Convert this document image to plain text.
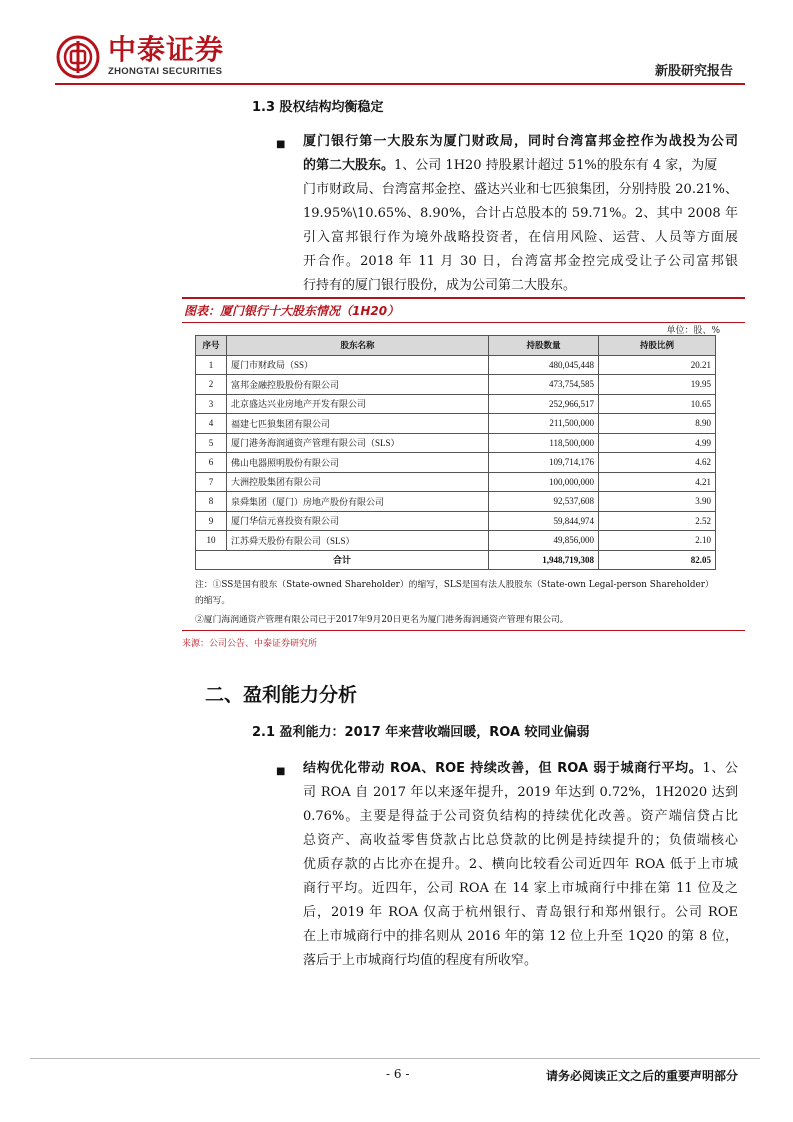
中泰证券
ZHONGTAI SECURITIES	新股研究报告
1.3 股权结构均衡稳定
■ 厦门银行第一大股东为厦门财政局，同时台湾富邦金控作为战投为公司
的第二大股东。1、公司 1H20 持股累计超过 51%的股东有 4 家，为厦
门市财政局、台湾富邦金控、盛达兴业和七匹狼集团，分别持股 20.21%、
19.95%\10.65%、8.90%，合计占总股本的 59.71%。2、其中 2008 年
引入富邦银行作为境外战略投资者，在信用风险、运营、人员等方面展
开合作。2018 年 11 月 30 日，台湾富邦金控完成受让子公司富邦银
行持有的厦门银行股份，成为公司第二大股东。
图表：厦门银行十大股东情况（1H20）
单位：股、%
序号	股东名称	持股数量	持股比例
1	厦门市财政局（SS）	480,045,448	20.21
2	富邦金融控股股份有限公司	473,754,585	19.95
3	北京盛达兴业房地产开发有限公司	252,966,517	10.65
4	福建七匹狼集团有限公司	211,500,000	8.90
5	厦门港务海润通资产管理有限公司（SLS）	118,500,000	4.99
6	佛山电器照明股份有限公司	109,714,176	4.62
7	大洲控股集团有限公司	100,000,000	4.21
8	泉舜集团（厦门）房地产股份有限公司	92,537,608	3.90
9	厦门华信元喜投资有限公司	59,844,974	2.52
10	江苏舜天股份有限公司（SLS）	49,856,000	2.10
合计		1,948,719,308	82.05
注：①SS是国有股东（State-owned Shareholder）的缩写，SLS是国有法人股股东（State-own Legal-person Shareholder）
的缩写。
②厦门海润通资产管理有限公司已于2017年9月20日更名为厦门港务海润通资产管理有限公司。
来源：公司公告、中泰证券研究所
二、盈利能力分析
2.1 盈利能力：2017 年来营收端回暖，ROA 较同业偏弱
■ 结构优化带动 ROA、ROE 持续改善，但 ROA 弱于城商行平均。1、公
司 ROA 自 2017 年以来逐年提升，2019 年达到 0.72%，1H2020 达到
0.76%。主要是得益于公司资负结构的持续优化改善。资产端信贷占比
总资产、高收益零售贷款占比总贷款的比例是持续提升的；负债端核心
优质存款的占比亦在提升。2、横向比较看公司近四年 ROA 低于上市城
商行平均。近四年，公司 ROA 在 14 家上市城商行中排在第 11 位及之
后，2019 年 ROA 仅高于杭州银行、青岛银行和郑州银行。公司 ROE
在上市城商行中的排名则从 2016 年的第 12 位上升至 1Q20 的第 8 位，
落后于上市城商行均值的程度有所收窄。
- 6 -	请务必阅读正文之后的重要声明部分
